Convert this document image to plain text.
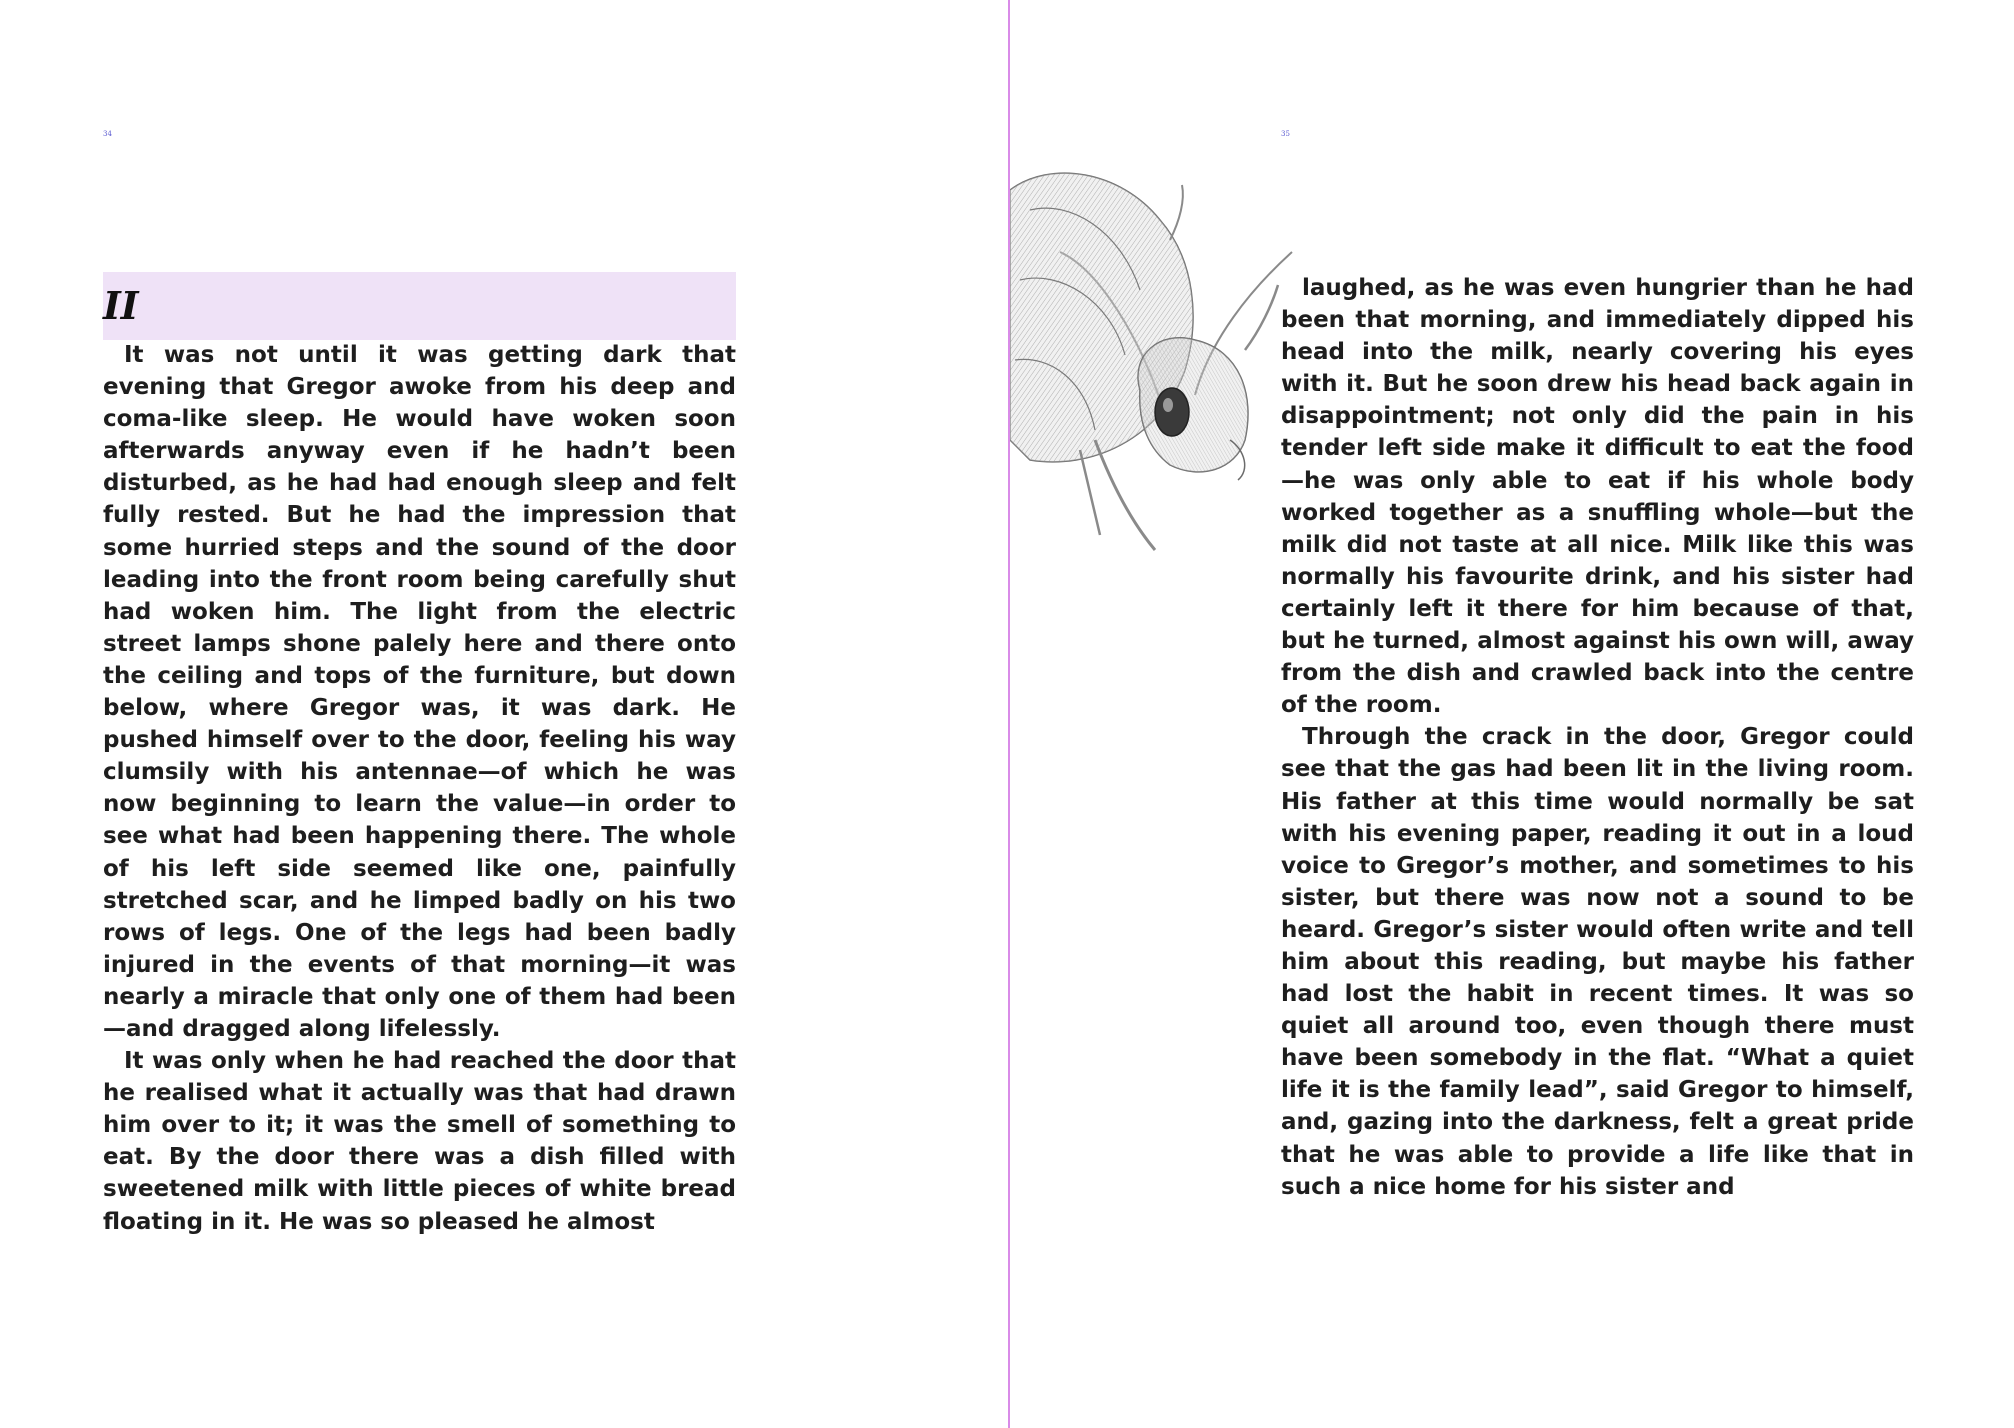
34
II

It was not until it was getting dark that evening that Gregor awoke from his deep and coma-like sleep. He would have woken soon afterwards anyway even if he hadn’t been disturbed, as he had had enough sleep and felt fully rested. But he had the impression that some hurried steps and the sound of the door leading into the front room being carefully shut had woken him. The light from the electric street lamps shone palely here and there onto the ceiling and tops of the furniture, but down below, where Gregor was, it was dark. He pushed himself over to the door, feeling his way clumsily with his antennae—of which he was now beginning to learn the value—in order to see what had been happening there. The whole of his left side seemed like one, painfully stretched scar, and he limped badly on his two rows of legs. One of the legs had been badly injured in the events of that morning—it was nearly a miracle that only one of them had been—and dragged along lifelessly.

It was only when he had reached the door that he realised what it actually was that had drawn him over to it; it was the smell of something to eat. By the door there was a dish filled with sweetened milk with little pieces of white bread floating in it. He was so pleased he almost

35

laughed, as he was even hungrier than he had been that morning, and immediately dipped his head into the milk, nearly covering his eyes with it. But he soon drew his head back again in disappointment; not only did the pain in his tender left side make it difficult to eat the food—he was only able to eat if his whole body worked together as a snuffling whole—but the milk did not taste at all nice. Milk like this was normally his favourite drink, and his sister had certainly left it there for him because of that, but he turned, almost against his own will, away from the dish and crawled back into the centre of the room.

Through the crack in the door, Gregor could see that the gas had been lit in the living room. His father at this time would normally be sat with his evening paper, reading it out in a loud voice to Gregor’s mother, and sometimes to his sister, but there was now not a sound to be heard. Gregor’s sister would often write and tell him about this reading, but maybe his father had lost the habit in recent times. It was so quiet all around too, even though there must have been somebody in the flat. “What a quiet life it is the family lead”, said Gregor to himself, and, gazing into the darkness, felt a great pride that he was able to provide a life like that in such a nice home for his sister and
